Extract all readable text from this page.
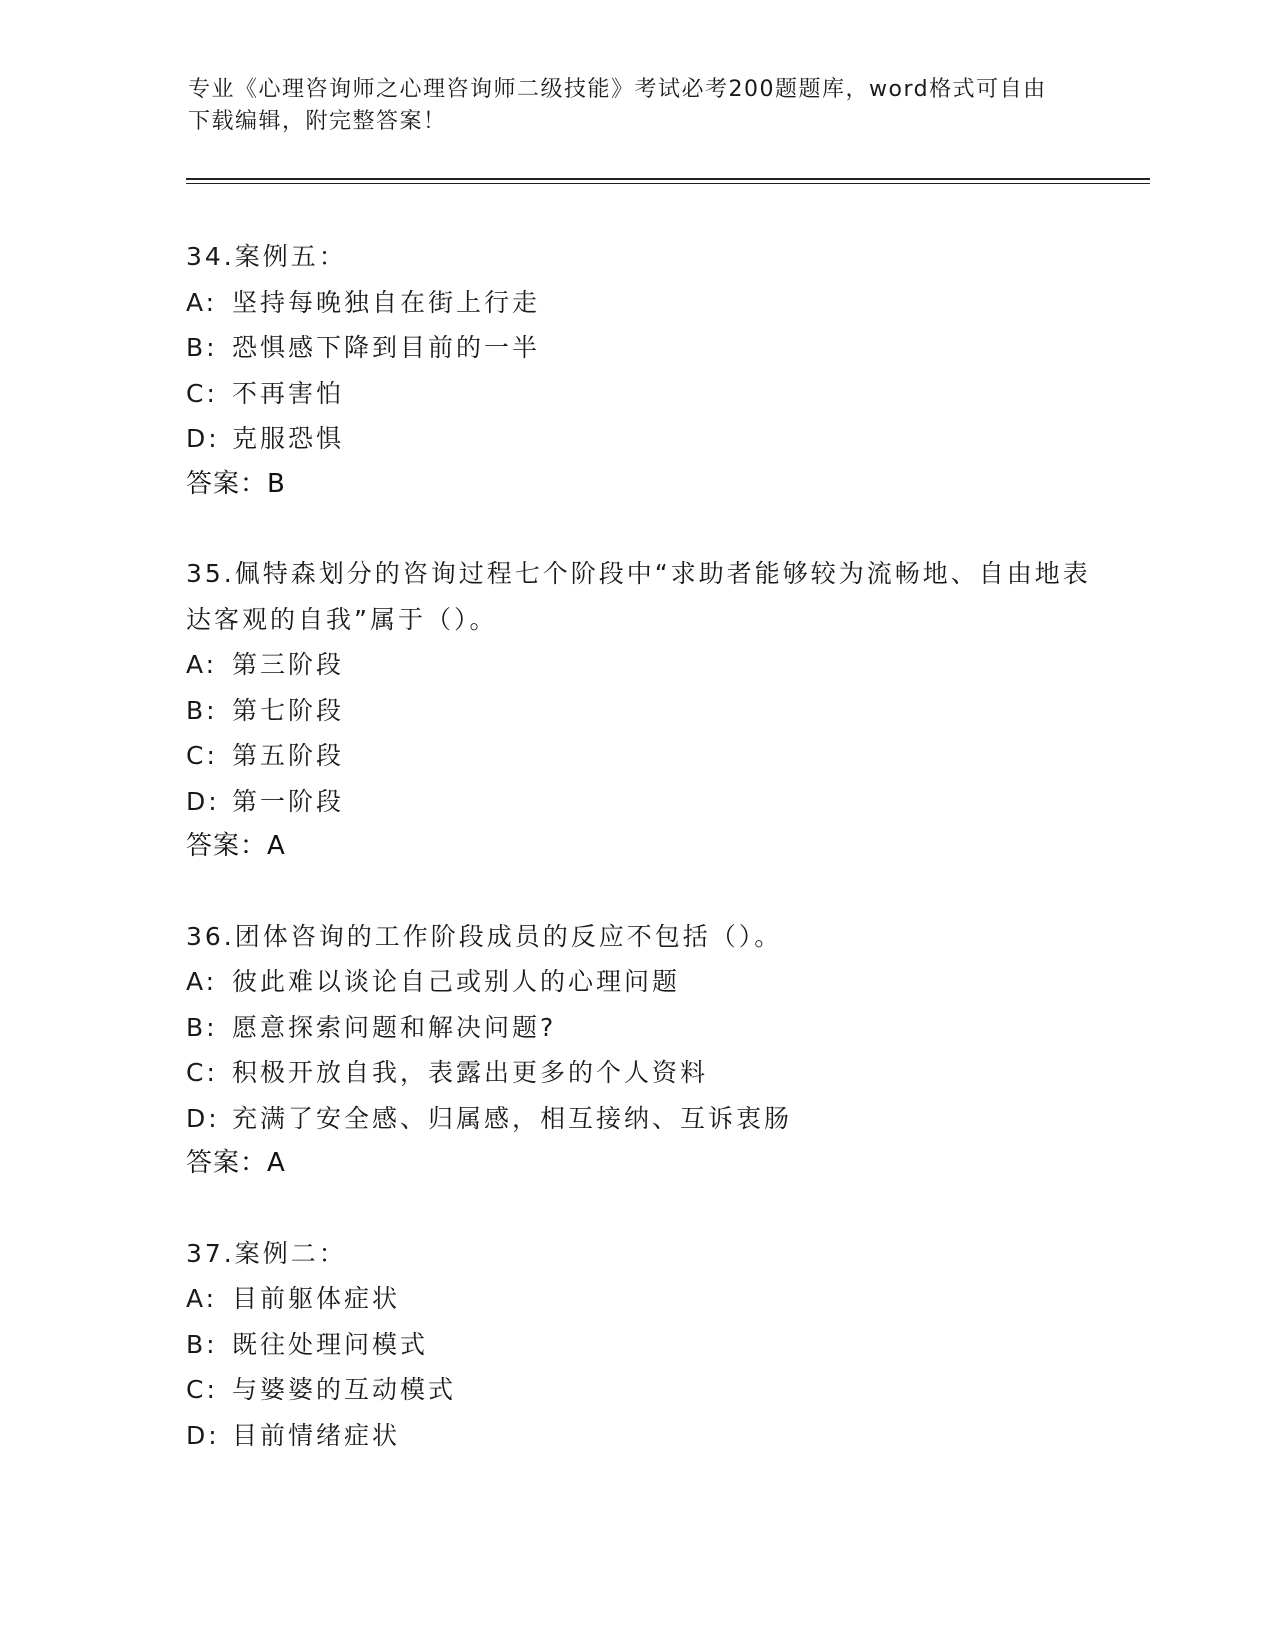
专业《心理咨询师之心理咨询师二级技能》考试必考200题题库，word格式可自由下载编辑，附完整答案！
34.案例五：
A: 坚持每晚独自在街上行走
B: 恐惧感下降到目前的一半
C: 不再害怕
D: 克服恐惧
答案：B
35.佩特森划分的咨询过程七个阶段中“求助者能够较为流畅地、自由地表达客观的自我”属于（）。
A: 第三阶段
B: 第七阶段
C: 第五阶段
D: 第一阶段
答案：A
36.团体咨询的工作阶段成员的反应不包括（）。
A: 彼此难以谈论自己或别人的心理问题
B: 愿意探索问题和解决问题?
C: 积极开放自我，表露出更多的个人资料
D: 充满了安全感、归属感，相互接纳、互诉衷肠
答案：A
37.案例二：
A: 目前躯体症状
B: 既往处理问模式
C: 与婆婆的互动模式
D: 目前情绪症状
